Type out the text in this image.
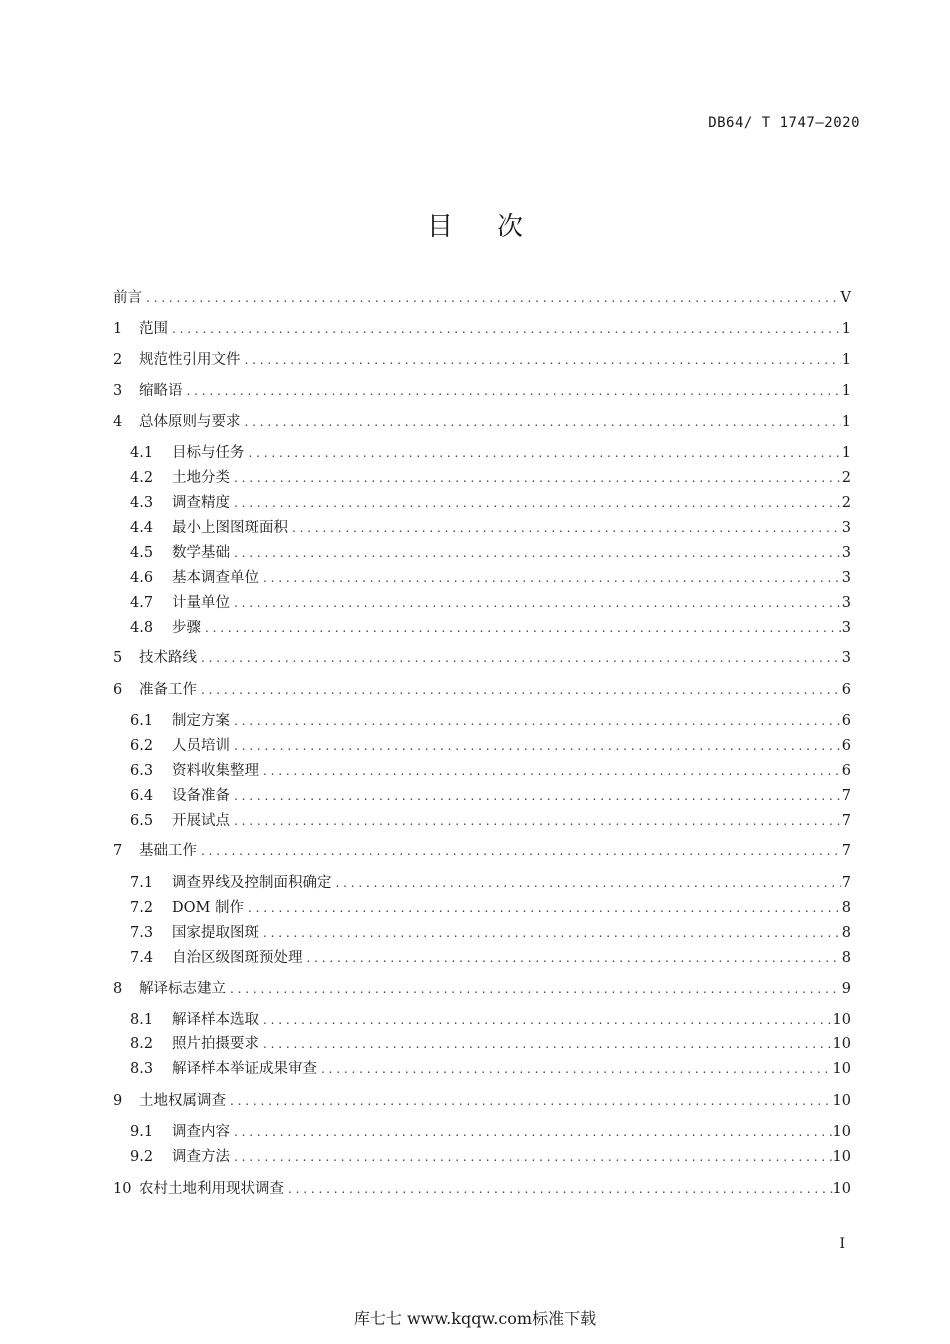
DB64/ T 1747—2020
目 次
前言 . . .	V
1	范围 . . .	1
2	规范性引用文件 . . .	1
3	缩略语 . . .	1
4	总体原则与要求 . . .	1
4.1	目标与任务 . . .	1
4.2	土地分类 . . .	2
4.3	调查精度 . . .	2
4.4	最小上图图斑面积 . . .	3
4.5	数学基础 . . .	3
4.6	基本调查单位 . . .	3
4.7	计量单位 . . .	3
4.8	步骤 . . .	3
5	技术路线 . . .	3
6	准备工作 . . .	6
6.1	制定方案 . . .	6
6.2	人员培训 . . .	6
6.3	资料收集整理 . . .	6
6.4	设备准备 . . .	7
6.5	开展试点 . . .	7
7	基础工作 . . .	7
7.1	调查界线及控制面积确定 . . .	7
7.2	DOM 制作 . . .	8
7.3	国家提取图斑 . . .	8
7.4	自治区级图斑预处理 . . .	8
8	解译标志建立 . . .	9
8.1	解译样本选取 . . .	10
8.2	照片拍摄要求 . . .	10
8.3	解译样本举证成果审查 . . .	10
9	土地权属调查 . . .	10
9.1	调查内容 . . .	10
9.2	调查方法 . . .	10
10 农村土地利用现状调查 . . .	10
I
库七七 www.kqqw.com标准下载
